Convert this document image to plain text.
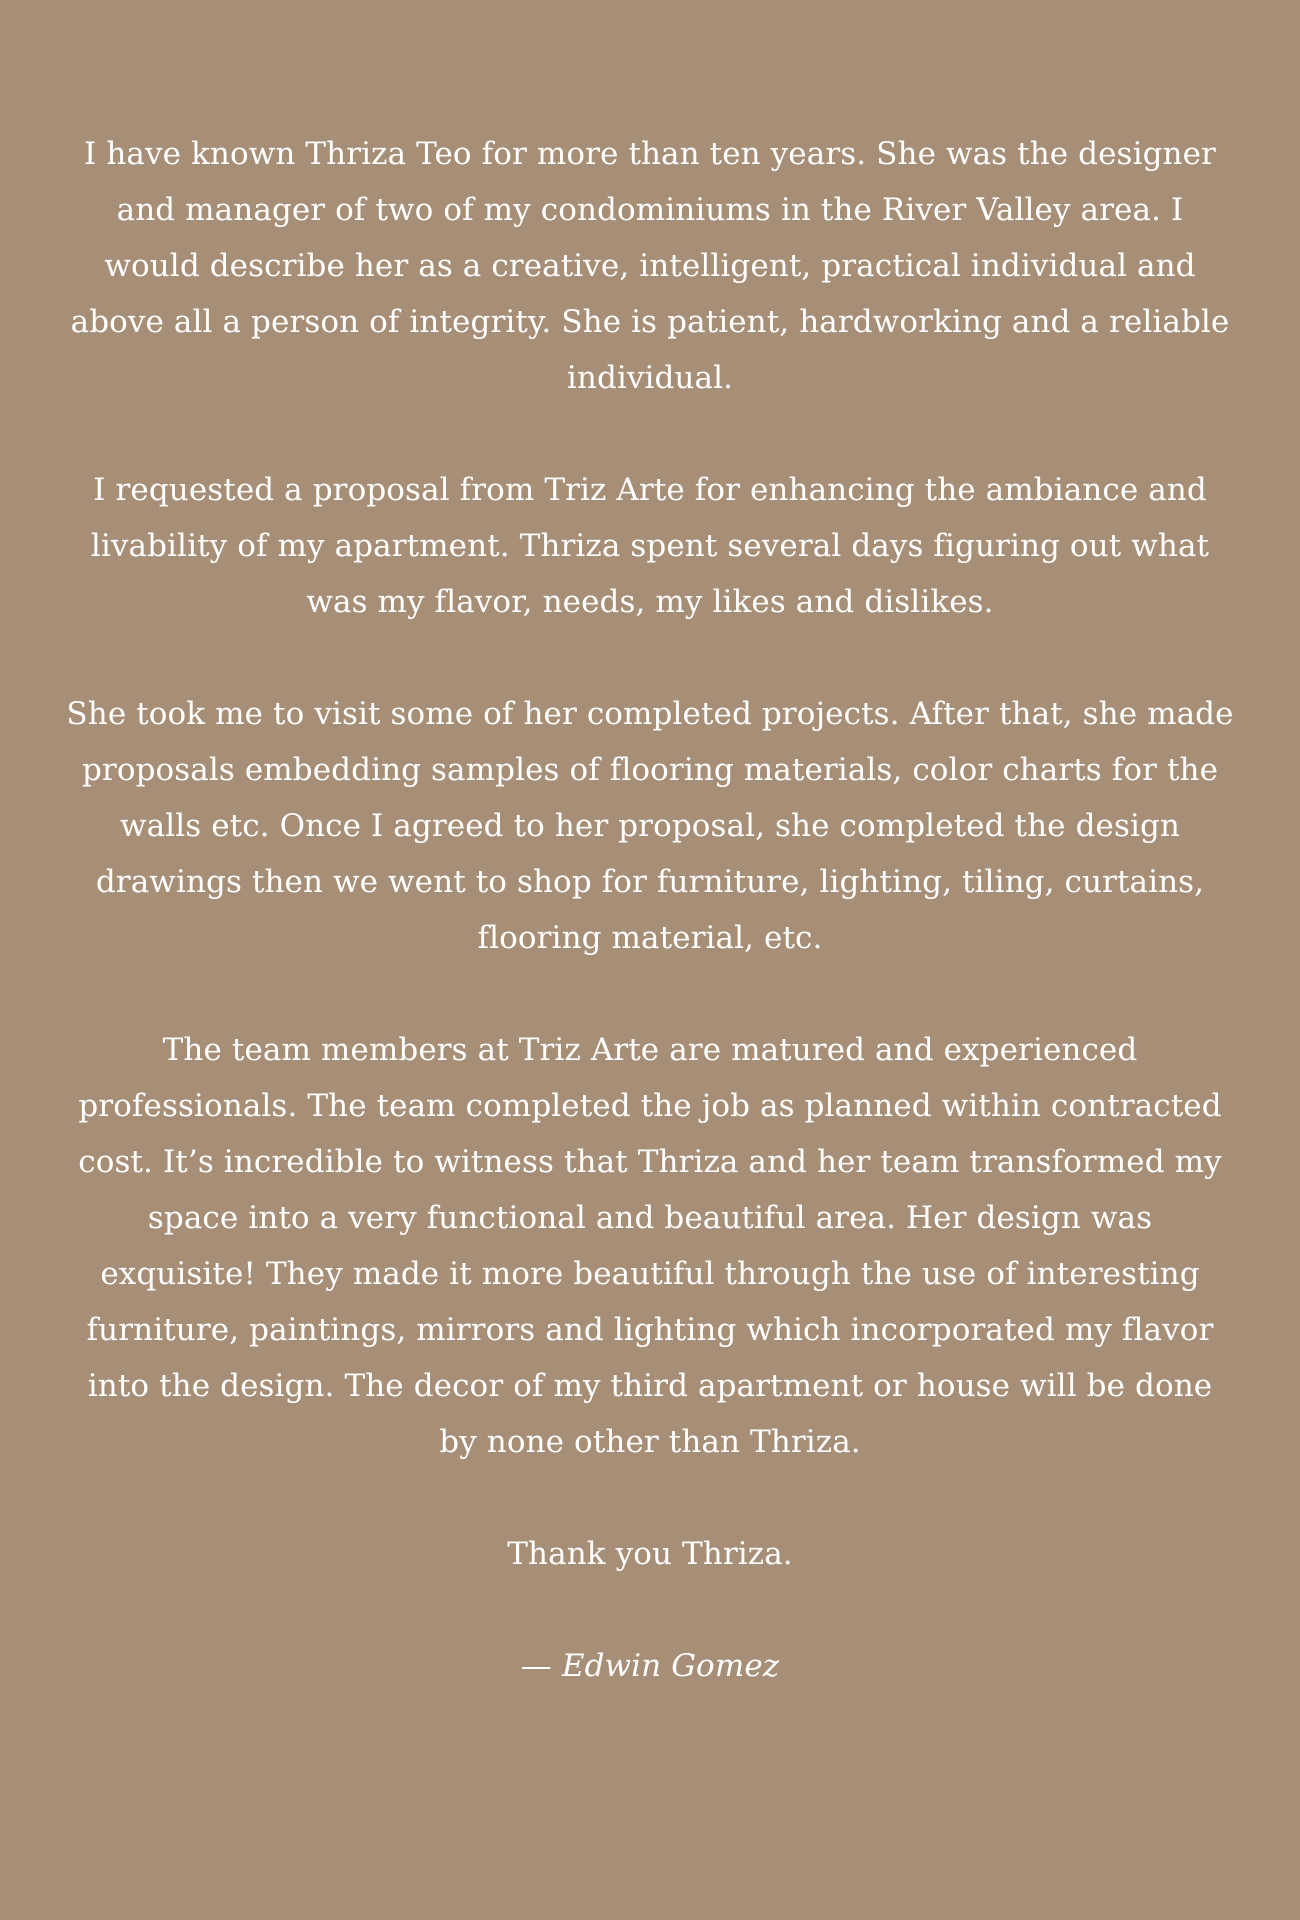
I have known Thriza Teo for more than ten years. She was the designer and manager of two of my condominiums in the River Valley area. I would describe her as a creative, intelligent, practical individual and above all a person of integrity. She is patient, hardworking and a reliable individual.

I requested a proposal from Triz Arte for enhancing the ambiance and livability of my apartment. Thriza spent several days figuring out what was my flavor, needs, my likes and dislikes.

She took me to visit some of her completed projects. After that, she made proposals embedding samples of flooring materials, color charts for the walls etc. Once I agreed to her proposal, she completed the design drawings then we went to shop for furniture, lighting, tiling, curtains, flooring material, etc.

The team members at Triz Arte are matured and experienced professionals. The team completed the job as planned within contracted cost. It’s incredible to witness that Thriza and her team transformed my space into a very functional and beautiful area. Her design was exquisite! They made it more beautiful through the use of interesting furniture, paintings, mirrors and lighting which incorporated my flavor into the design. The decor of my third apartment or house will be done by none other than Thriza.

Thank you Thriza.

— Edwin Gomez
